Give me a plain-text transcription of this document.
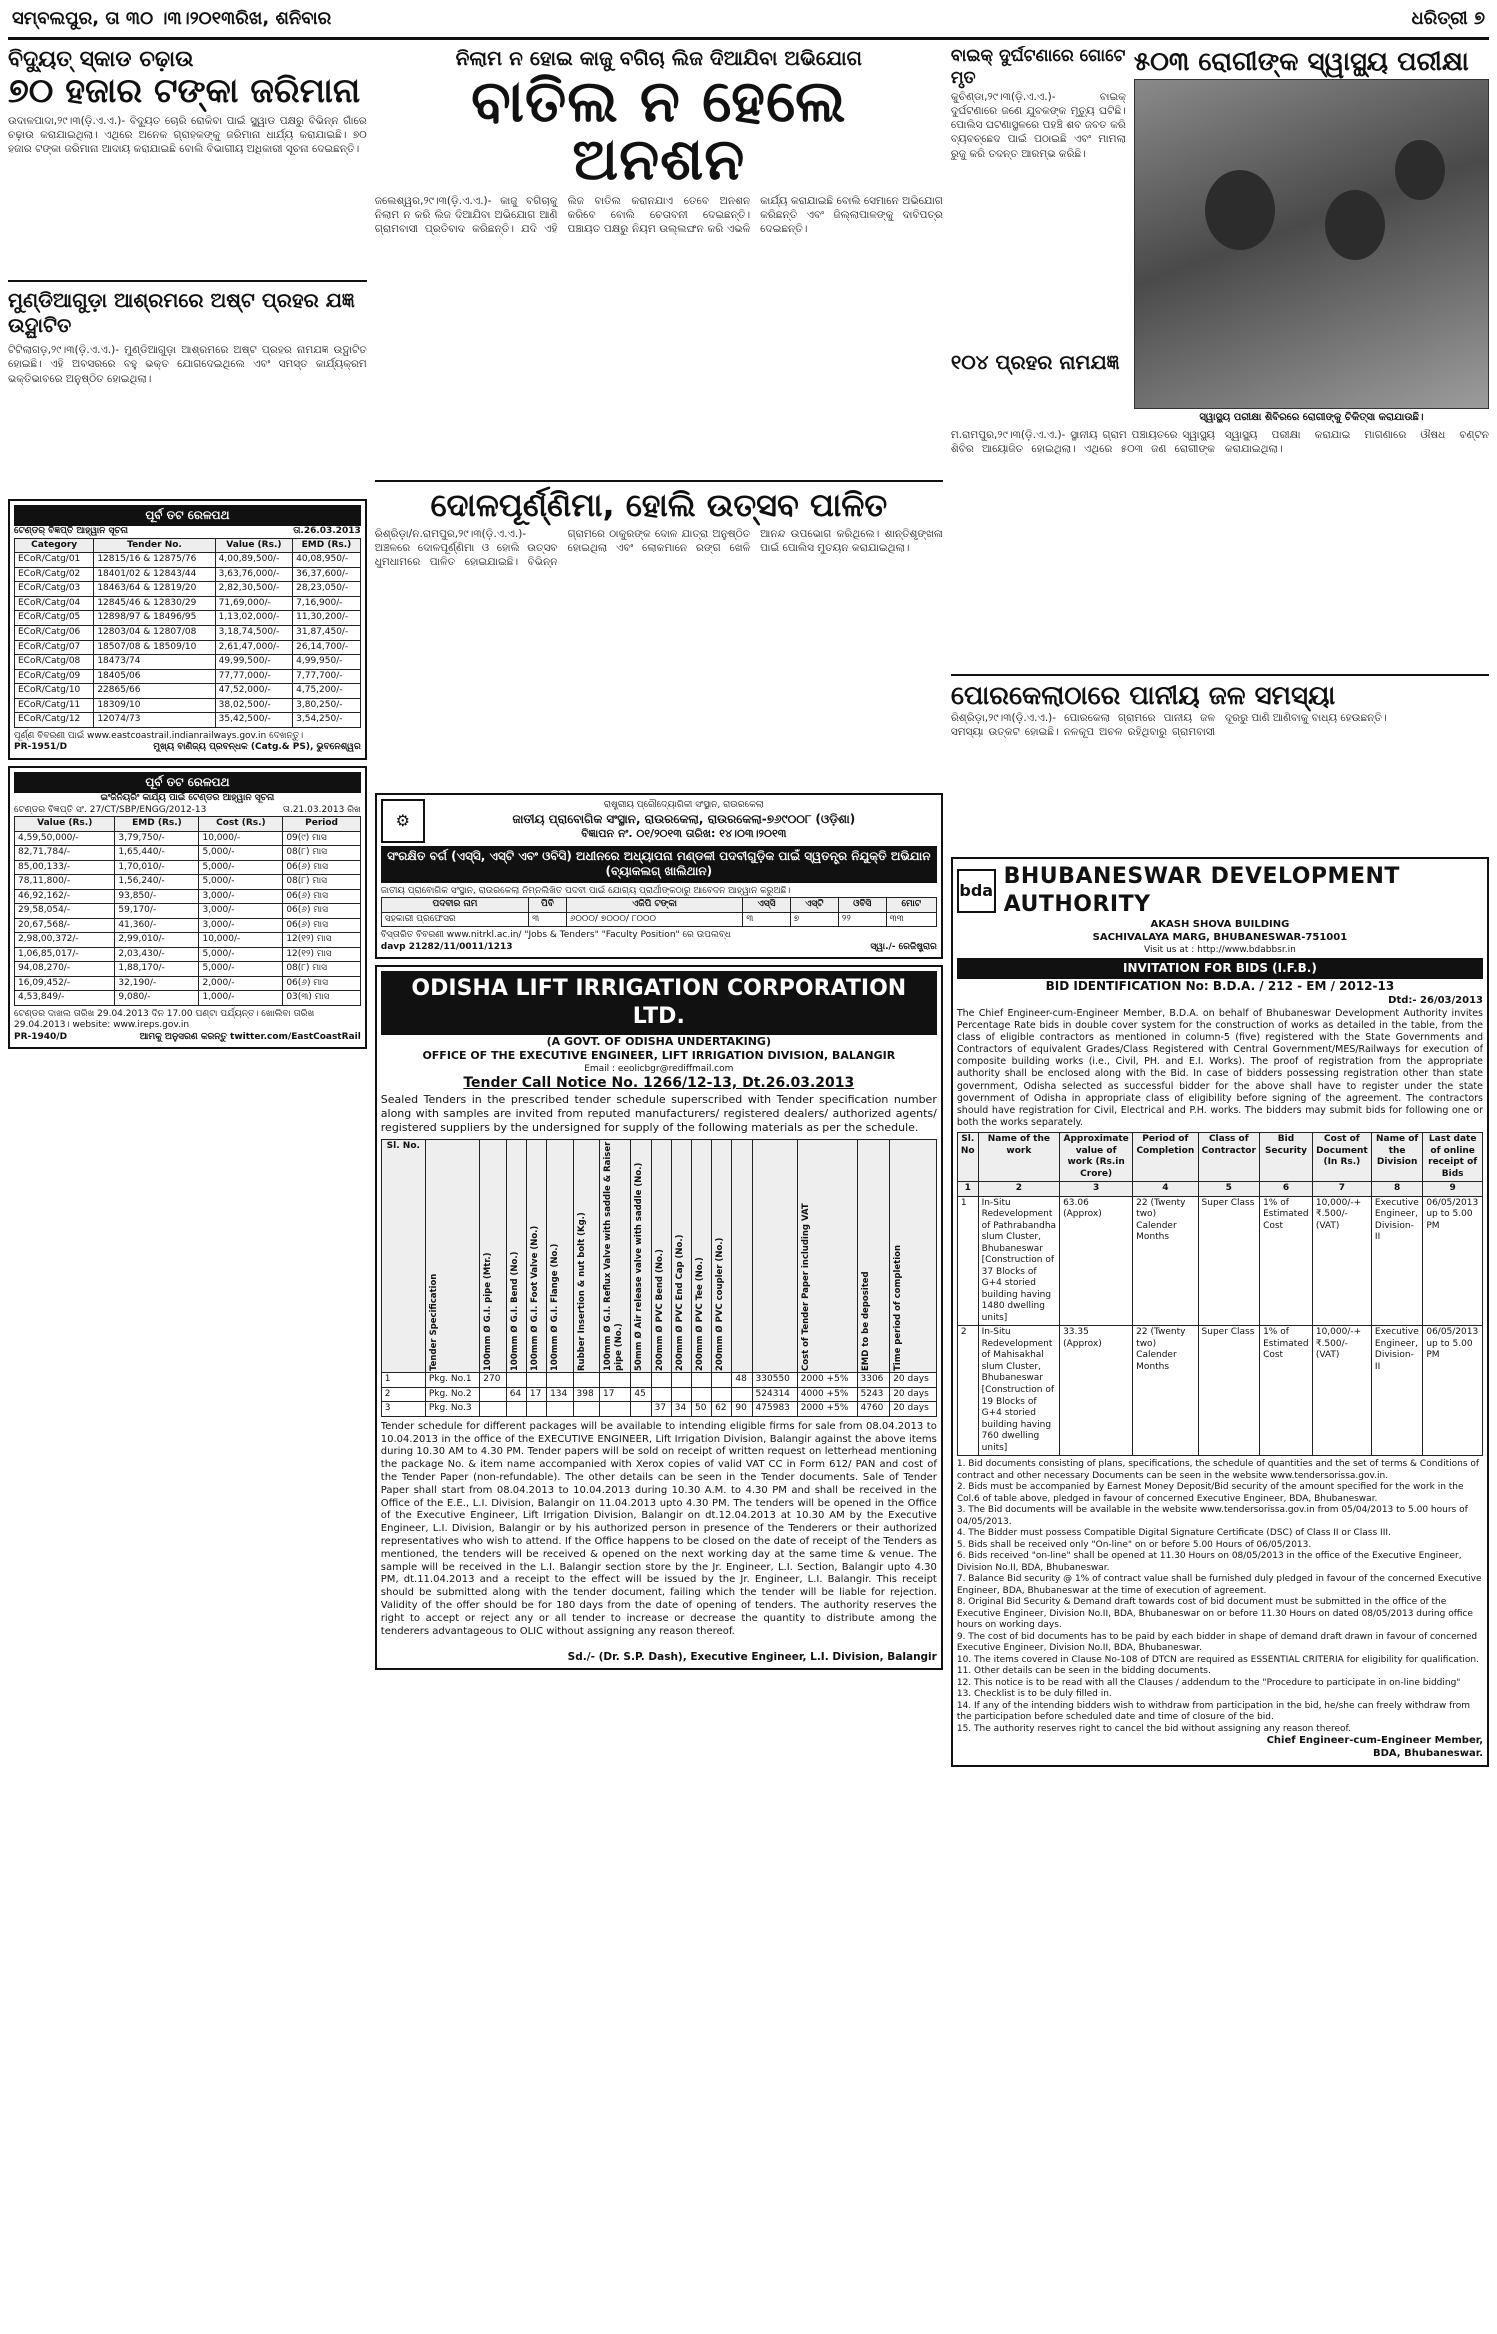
ସମ୍ବଲପୁର, ତା ୩୦ ।୩।୨୦୧୩ରିଖ, ଶନିବାର	ଧରିତ୍ରୀ ୭
ବିଦ୍ୟୁତ୍ ସ୍କାଡ ଚଢ଼ାଉ
୭୦ ହଜାର ଟଙ୍କା ଜରିମାନା

ଉଦାଳପାଦା,୨୯।୩(ଡ଼ି.ଏ.ଏ.)- ବିଦ୍ୟୁତ ଚୋରି ରୋକିବା ପାଇଁ ସ୍କ୍ୱାଡ ପକ୍ଷରୁ ବିଭିନ୍ନ ଗାଁରେ ଚଢ଼ାଉ କରାଯାଇଥିଲା। ଏଥିରେ ଅନେକ ଗ୍ରାହକଙ୍କୁ ଜରିମାନା ଧାର୍ଯ୍ୟ କରାଯାଇଛି। ୭୦ ହଜାର ଟଙ୍କା ଜରିମାନା ଆଦାୟ କରାଯାଇଛି ବୋଲି ବିଭାଗୀୟ ଅଧିକାରୀ ସୂଚନା ଦେଇଛନ୍ତି।

ମୁଣ୍ଡିଆଗୁଡ଼ା ଆଶ୍ରମରେ ଅଷ୍ଟ ପ୍ରହର ଯଜ୍ଞ ଉଦ୍ଘାଟିତ

ଟିଟିଲାଗଡ଼,୨୯।୩(ଡ଼ି.ଏ.ଏ.)- ମୁଣ୍ଡିଆଗୁଡ଼ା ଆଶ୍ରମରେ ଅଷ୍ଟ ପ୍ରହର ନାମଯଜ୍ଞ ଉଦ୍ଘାଟିତ ହୋଇଛି। ଏହି ଅବସରରେ ବହୁ ଭକ୍ତ ଯୋଗଦେଇଥିଲେ ଏବଂ ସମସ୍ତ କାର୍ଯ୍ୟକ୍ରମ ଭକ୍ତିଭାବରେ ଅନୁଷ୍ଠିତ ହୋଇଥିଲା।

ପୂର୍ବ ତଟ ରେଳପଥ
ଟେଣ୍ଡର୍ ବିଜ୍ଞପ୍ତି ଆହ୍ୱାନ ସୂଚନା	ତା.26.03.2013
Category	Tender No.	Value (Rs.)	EMD (Rs.)
ECoR/Catg/01	12815/16 & 12875/76	4,00,89,500/-	40,08,950/-
ECoR/Catg/02	18401/02 & 12843/44	3,63,76,000/-	36,37,600/-
ECoR/Catg/03	18463/64 & 12819/20	2,82,30,500/-	28,23,050/-
ECoR/Catg/04	12845/46 & 12830/29	71,69,000/-	7,16,900/-
ECoR/Catg/05	12898/97 & 18496/95	1,13,02,000/-	11,30,200/-
ECoR/Catg/06	12803/04 & 12807/08	3,18,74,500/-	31,87,450/-
ECoR/Catg/07	18507/08 & 18509/10	2,61,47,000/-	26,14,700/-
ECoR/Catg/08	18473/74	49,99,500/-	4,99,950/-
ECoR/Catg/09	18405/06	77,77,000/-	7,77,700/-
ECoR/Catg/10	22865/66	47,52,000/-	4,75,200/-
ECoR/Catg/11	18309/10	38,02,500/-	3,80,250/-
ECoR/Catg/12	12074/73	35,42,500/-	3,54,250/-

ପୂର୍ଣ୍ଣ ବିବରଣୀ ପାଇଁ www.eastcoastrail.indianrailways.gov.in ଦେଖନ୍ତୁ।

PR-1951/D	ମୁଖ୍ୟ ବାଣିଜ୍ୟ ପ୍ରବନ୍ଧକ (Catg.& PS), ଭୁବନେଶ୍ୱର
ପୂର୍ବ ତଟ ରେଳପଥ
ଇଂଜିନିୟରିଂ କାର୍ଯ୍ୟ ପାଇଁ ଟେଣ୍ଡର ଆହ୍ୱାନ ସୂଚନା
ଟେଣ୍ଡର ବିଜ୍ଞପ୍ତି ସଂ. 27/CT/SBP/ENGG/2012-13	ତା.21.03.2013 ରିଖ
Value (Rs.)	EMD (Rs.)	Cost (Rs.)	Period
4,59,50,000/-	3,79,750/-	10,000/-	09(୯) ମାସ
82,71,784/-	1,65,440/-	5,000/-	08(୮) ମାସ
85,00,133/-	1,70,010/-	5,000/-	06(୬) ମାସ
78,11,800/-	1,56,240/-	5,000/-	08(୮) ମାସ
46,92,162/-	93,850/-	3,000/-	06(୬) ମାସ
29,58,054/-	59,170/-	3,000/-	06(୬) ମାସ
20,67,568/-	41,360/-	3,000/-	06(୬) ମାସ
2,98,00,372/-	2,99,010/-	10,000/-	12(୧୨) ମାସ
1,06,85,017/-	2,03,430/-	5,000/-	12(୧୨) ମାସ
94,08,270/-	1,88,170/-	5,000/-	08(୮) ମାସ
16,09,452/-	32,190/-	2,000/-	06(୬) ମାସ
4,53,849/-	9,080/-	1,000/-	03(୩) ମାସ

ଟେଣ୍ଡର ଦାଖଲ ତାରିଖ 29.04.2013 ଦିନ 17.00 ଘଣ୍ଟା ପର୍ଯ୍ୟନ୍ତ। ଖୋଲିବା ତାରିଖ 29.04.2013। website: www.ireps.gov.in

PR-1940/D	ଆମକୁ ଅନୁସରଣ କରନ୍ତୁ twitter.com/EastCoastRail
ନିଲାମ ନ ହୋଇ କାଜୁ ବଗିଚା ଲିଜ ଦିଆଯିବା ଅଭିଯୋଗ
ବାତିଲ ନ ହେଲେ ଅନଶନ

ଜଲେଶ୍ୱର,୨୯।୩(ଡ଼ି.ଏ.ଏ.)- କାଜୁ ବଗିଚାକୁ ନିଲାମ ନ କରି ଲିଜ ଦିଆଯିବା ଅଭିଯୋଗ ଆଣି ଗ୍ରାମବାସୀ ପ୍ରତିବାଦ କରିଛନ୍ତି। ଯଦି ଏହି ଲିଜ ବାତିଲ କରାନଯାଏ ତେବେ ଅନଶନ କରିବେ ବୋଲି ଚେତାବନୀ ଦେଇଛନ୍ତି। ପଞ୍ଚାୟତ ପକ୍ଷରୁ ନିୟମ ଉଲ୍ଲଙ୍ଘନ କରି ଏଭଳି କାର୍ଯ୍ୟ କରାଯାଇଛି ବୋଲି ସେମାନେ ଅଭିଯୋଗ କରିଛନ୍ତି ଏବଂ ଜିଲ୍ଲାପାଳଙ୍କୁ ଦାବିପତ୍ର ଦେଇଛନ୍ତି।

ଦୋଳପୂର୍ଣ୍ଣିମା, ହୋଲି ଉତ୍ସବ ପାଳିତ

ରିଶ୍ରିଡ଼ା/ନ.ରାମପୁର,୨୯।୩(ଡ଼ି.ଏ.ଏ.)- ଅଞ୍ଚଳରେ ଦୋଳପୂର୍ଣ୍ଣିମା ଓ ହୋଲି ଉତ୍ସବ ଧୁମଧାମରେ ପାଳିତ ହୋଇଯାଇଛି। ବିଭିନ୍ନ ଗ୍ରାମରେ ଠାକୁରଙ୍କ ଦୋଳ ଯାତ୍ରା ଅନୁଷ୍ଠିତ ହୋଇଥିଲା ଏବଂ ଲୋକମାନେ ରଙ୍ଗ ଖେଳି ଆନନ୍ଦ ଉପଭୋଗ କରିଥିଲେ। ଶାନ୍ତିଶୃଙ୍ଖଳା ପାଇଁ ପୋଲିସ ମୁତୟନ କରାଯାଇଥିଲା।

⚙
ରାଷ୍ଟ୍ରୀୟ ପ୍ରୌଦ୍ୟୋଗିକୀ ସଂସ୍ଥାନ, ରାଉରକେଲା
ଜାତୀୟ ପ୍ରାବୋଗିକ ସଂସ୍ଥାନ, ରାଉରକେଲା, ରାଉରକେଲା-୭୬୯୦୦୮ (ଓଡ଼ିଶା)
ବିଜ୍ଞାପନ ନଂ. ୦୧/୨୦୧୩ ତାରିଖ: ୧୪।୦୩।୨୦୧୩
ସଂରକ୍ଷିତ ବର୍ଗ (ଏସ୍‌ସି, ଏସ୍‌ଟି ଏବଂ ଓବିସି) ଅଧୀନରେ ଅଧ୍ୟାପନା ମଣ୍ଡଳୀ ପଦବୀଗୁଡ଼ିକ ପାଇଁ ସ୍ୱତନ୍ତ୍ର ନିଯୁକ୍ତି ଅଭିଯାନ (ବ୍ୟାକଲଗ୍ ଖାଲିଥାନ)

ଜାତୀୟ ପ୍ରାବୋଗିକ ସଂସ୍ଥାନ, ରାଉରକେଲା ନିମ୍ନଲିଖିତ ପଦବୀ ପାଇଁ ଯୋଗ୍ୟ ପ୍ରାର୍ଥୀଙ୍କଠାରୁ ଆବେଦନ ଆହ୍ୱାନ କରୁଅଛି।

ପଦବୀର ନାମ	ପିବି	ଏଜିପି ଟଙ୍କା	ଏସ୍‌ସି	ଏସ୍‌ଟି	ଓବିସି	ମୋଟ
ସହକାରୀ ପ୍ରଫେସର	୩	୬୦୦୦/ ୭୦୦୦/ ୮୦୦୦	୩	୭	୨୨	୩୩

ବିସ୍ତାରିତ ବିବରଣୀ www.nitrkl.ac.in/ "Jobs & Tenders" "Faculty Position" ରେ ଉପଲବ୍ଧ

davp 21282/11/0011/1213	ସ୍ୱା./- ରେଜିଷ୍ଟ୍ରାର
ODISHA LIFT IRRIGATION CORPORATION LTD.
(A GOVT. OF ODISHA UNDERTAKING)
OFFICE OF THE EXECUTIVE ENGINEER, LIFT IRRIGATION DIVISION, BALANGIR
Email : eeolicbgr@rediffmail.com
Tender Call Notice No. 1266/12-13, Dt.26.03.2013

Sealed Tenders in the prescribed tender schedule superscribed with Tender specification number along with samples are invited from reputed manufacturers/ registered dealers/ authorized agents/ registered suppliers by the undersigned for supply of the following materials as per the schedule.

Sl. No.	Tender Specification	100mm Ø G.I. pipe (Mtr.)	100mm Ø G.I. Bend (No.)	100mm Ø G.I. Foot Valve (No.)	100mm Ø G.I. Flange (No.)	Rubber Insertion & nut bolt (Kg.)	100mm Ø G.I. Reflux Valve with saddle & Raiser pipe (No.)	50mm Ø Air release valve with saddle (No.)	200mm Ø PVC Bend (No.)	200mm Ø PVC End Cap (No.)	200mm Ø PVC Tee (No.)	200mm Ø PVC coupler (No.)			Cost of Tender Paper including VAT	EMD to be deposited	Time period of completion

1	Pkg. No.1	270											48	330550	2000 +5%	3306	20 days
2	Pkg. No.2		64	17	134	398	17	45						524314	4000 +5%	5243	20 days
3	Pkg. No.3								37	34	50	62	90	475983	2000 +5%	4760	20 days

Tender schedule for different packages will be available to intending eligible firms for sale from 08.04.2013 to 10.04.2013 in the office of the EXECUTIVE ENGINEER, Lift Irrigation Division, Balangir against the above items during 10.30 AM to 4.30 PM. Tender papers will be sold on receipt of written request on letterhead mentioning the package No. & item name accompanied with Xerox copies of valid VAT CC in Form 612/ PAN and cost of the Tender Paper (non-refundable). The other details can be seen in the Tender documents. Sale of Tender Paper shall start from 08.04.2013 to 10.04.2013 during 10.30 A.M. to 4.30 PM and shall be received in the Office of the E.E., L.I. Division, Balangir on 11.04.2013 upto 4.30 PM. The tenders will be opened in the Office of the Executive Engineer, Lift Irrigation Division, Balangir on dt.12.04.2013 at 10.30 AM by the Executive Engineer, L.I. Division, Balangir or by his authorized person in presence of the Tenderers or their authorized representatives who wish to attend. If the Office happens to be closed on the date of receipt of the Tenders as mentioned, the tenders will be received & opened on the next working day at the same time & venue. The sample will be received in the L.I. Balangir section store by the Jr. Engineer, L.I. Section, Balangir upto 4.30 PM, dt.11.04.2013 and a receipt to the effect will be issued by the Jr. Engineer, L.I. Balangir. This receipt should be submitted along with the tender document, failing which the tender will be liable for rejection. Validity of the offer should be for 180 days from the date of opening of tenders. The authority reserves the right to accept or reject any or all tender to increase or decrease the quantity to distribute among the tenderers advantageous to OLIC without assigning any reason thereof.

Sd./- (Dr. S.P. Dash), Executive Engineer, L.I. Division, Balangir
ବାଇକ୍ ଦୁର୍ଘଟଣାରେ ଗୋଟେ ମୃତ

କୁଚିଣ୍ଡା,୨୯।୩(ଡ଼ି.ଏ.ଏ.)- ବାଇକ୍ ଦୁର୍ଘଟଣାରେ ଜଣେ ଯୁବକଙ୍କ ମୃତ୍ୟୁ ଘଟିଛି। ପୋଲିସ ଘଟଣାସ୍ଥଳରେ ପହଞ୍ଚି ଶବ ଜବତ କରି ବ୍ୟବଚ୍ଛେଦ ପାଇଁ ପଠାଇଛି ଏବଂ ମାମଲା ରୁଜୁ କରି ତଦନ୍ତ ଆରମ୍ଭ କରିଛି।

୧୦୪ ପ୍ରହର ନାମଯଜ୍ଞ
୫୦୩ ରୋଗୀଙ୍କ ସ୍ୱାସ୍ଥ୍ୟ ପରୀକ୍ଷା
ସ୍ୱାସ୍ଥ୍ୟ ପରୀକ୍ଷା ଶିବିରରେ ରୋଗୀଙ୍କୁ ଚିକିତ୍ସା କରାଯାଉଛି।

ମ.ରାମପୁର,୨୯।୩(ଡ଼ି.ଏ.ଏ.)- ସ୍ଥାନୀୟ ଗ୍ରାମ ପଞ୍ଚାୟତରେ ସ୍ୱାସ୍ଥ୍ୟ ଶିବିର ଆୟୋଜିତ ହୋଇଥିଲା। ଏଥିରେ ୫୦୩ ଜଣ ରୋଗୀଙ୍କ ସ୍ୱାସ୍ଥ୍ୟ ପରୀକ୍ଷା କରାଯାଇ ମାଗଣାରେ ଔଷଧ ବଣ୍ଟନ କରାଯାଇଥିଲା।

ପୋରକେଲାଠାରେ ପାନୀୟ ଜଳ ସମସ୍ୟା

ରିଶ୍ରିଡ଼ା,୨୯।୩(ଡ଼ି.ଏ.ଏ.)- ପୋରକେଲା ଗ୍ରାମରେ ପାନୀୟ ଜଳ ସମସ୍ୟା ଉତ୍କଟ ହୋଇଛି। ନଳକୂପ ଅଚଳ ରହିଥିବାରୁ ଗ୍ରାମବାସୀ ଦୂରରୁ ପାଣି ଆଣିବାକୁ ବାଧ୍ୟ ହେଉଛନ୍ତି।

bda
BHUBANESWAR DEVELOPMENT AUTHORITY
AKASH SHOVA BUILDING
SACHIVALAYA MARG, BHUBANESWAR-751001
Visit us at : http://www.bdabbsr.in
INVITATION FOR BIDS (I.F.B.)
BID IDENTIFICATION No: B.D.A. / 212 - EM / 2012-13
Dtd:- 26/03/2013

The Chief Engineer-cum-Engineer Member, B.D.A. on behalf of Bhubaneswar Development Authority invites Percentage Rate bids in double cover system for the construction of works as detailed in the table, from the class of eligible contractors as mentioned in column-5 (five) registered with the State Governments and Contractors of equivalent Grades/Class Registered with Central Government/MES/Railways for execution of composite building works (i.e., Civil, PH. and E.I. Works). The proof of registration from the appropriate authority shall be enclosed along with the Bid. In case of bidders possessing registration other than state government, Odisha selected as successful bidder for the above shall have to register under the state government of Odisha in appropriate class of eligibility before signing of the agreement. The contractors should have registration for Civil, Electrical and P.H. works. The bidders may submit bids for following one or both the works separately.

Sl. No	Name of the work	Approximate value of work (Rs.in Crore)	Period of Completion	Class of Contractor	Bid Security	Cost of Document (In Rs.)	Name of the Division	Last date of online receipt of Bids
1	2	3	4	5	6	7	8	9
1	In-Situ Redevelopment of Pathrabandha slum Cluster, Bhubaneswar [Construction of 37 Blocks of G+4 storied building having 1480 dwelling units]	63.06 (Approx)	22 (Twenty two) Calender Months	Super Class	1% of Estimated Cost	10,000/-+ ₹.500/- (VAT)	Executive Engineer, Division- II	06/05/2013 up to 5.00 PM
2	In-Situ Redevelopment of Mahisakhal slum Cluster, Bhubaneswar [Construction of 19 Blocks of G+4 storied building having 760 dwelling units]	33.35 (Approx)	22 (Twenty two) Calender Months	Super Class	1% of Estimated Cost	10,000/-+ ₹.500/- (VAT)	Executive Engineer, Division- II	06/05/2013 up to 5.00 PM

1. Bid documents consisting of plans, specifications, the schedule of quantities and the set of terms & Conditions of contract and other necessary Documents can be seen in the website www.tendersorissa.gov.in.

2. Bids must be accompanied by Earnest Money Deposit/Bid security of the amount specified for the work in the Col.6 of table above, pledged in favour of concerned Executive Engineer, BDA, Bhubaneswar.

3. The Bid documents will be available in the website www.tendersorissa.gov.in from 05/04/2013 to 5.00 hours of 04/05/2013.

4. The Bidder must possess Compatible Digital Signature Certificate (DSC) of Class II or Class III.

5. Bids shall be received only "On-line" on or before 5.00 Hours of 06/05/2013.

6. Bids received "on-line" shall be opened at 11.30 Hours on 08/05/2013 in the office of the Executive Engineer, Division No.II, BDA, Bhubaneswar.

7. Balance Bid security @ 1% of contract value shall be furnished duly pledged in favour of the concerned Executive Engineer, BDA, Bhubaneswar at the time of execution of agreement.

8. Original Bid Security & Demand draft towards cost of bid document must be submitted in the office of the Executive Engineer, Division No.II, BDA, Bhubaneswar on or before 11.30 Hours on dated 08/05/2013 during office hours on working days.

9. The cost of bid documents has to be paid by each bidder in shape of demand draft drawn in favour of concerned Executive Engineer, Division No.II, BDA, Bhubaneswar.

10. The items covered in Clause No-108 of DTCN are required as ESSENTIAL CRITERIA for eligibility for qualification.

11. Other details can be seen in the bidding documents.

12. This notice is to be read with all the Clauses / addendum to the "Procedure to participate in on-line bidding"

13. Checklist is to be duly filled in.

14. If any of the intending bidders wish to withdraw from participation in the bid, he/she can freely withdraw from the participation before scheduled date and time of closure of the bid.

15. The authority reserves right to cancel the bid without assigning any reason thereof.

Chief Engineer-cum-Engineer Member,
BDA, Bhubaneswar.
